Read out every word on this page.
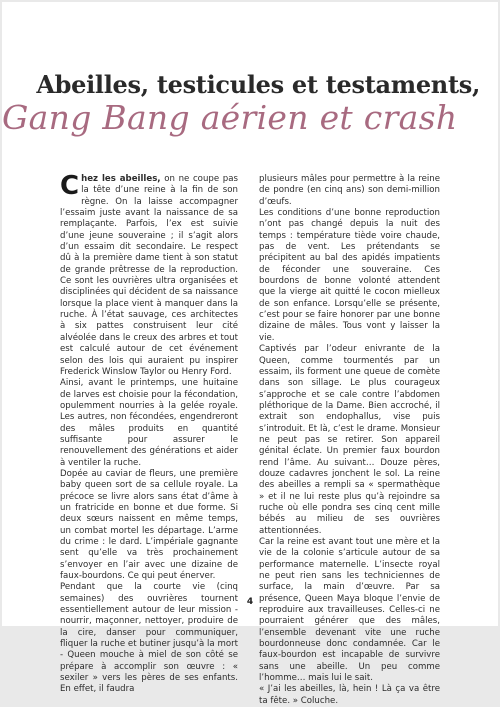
Abeilles, testicules et testaments,
Gang Bang aérien et crash

Chez les abeilles, on ne coupe pas la tête d’une reine à la fin de son règne. On la laisse accompagner l’essaim juste avant la naissance de sa remplaçante. Parfois, l’ex est suivie d’une jeune souveraine ; il s’agit alors d’un essaim dit secondaire. Le respect dû à la première dame tient à son statut de grande prêtresse de la reproduction. Ce sont les ouvrières ultra organisées et disciplinées qui décident de sa naissance lorsque la place vient à manquer dans la ruche. À l’état sauvage, ces architectes à six pattes construisent leur cité alvéolée dans le creux des arbres et tout est calculé autour de cet événement selon des lois qui auraient pu inspirer Frederick Winslow Taylor ou Henry Ford.

Ainsi, avant le printemps, une huitaine de larves est choisie pour la fécondation, opulemment nourries à la gelée royale. Les autres, non fécondées, engendreront des mâles produits en quantité suffisante pour assurer le renouvellement des générations et aider à ventiler la ruche.

Dopée au caviar de fleurs, une première baby queen sort de sa cellule royale. La précoce se livre alors sans état d’âme à un fratricide en bonne et due forme. Si deux sœurs naissent en même temps, un combat mortel les départage. L’arme du crime : le dard. L’impériale gagnante sent qu’elle va très prochainement s’envoyer en l’air avec une dizaine de faux-bourdons. Ce qui peut énerver.

Pendant que la courte vie (cinq semaines) des ouvrières tournent essentiellement autour de leur mission - nourrir, maçonner, nettoyer, produire de la cire, danser pour communiquer, fliquer la ruche et butiner jusqu’à la mort - Queen mouche à miel de son côté se prépare à accomplir son œuvre : « sexiler » vers les pères de ses enfants. En effet, il faudra

plusieurs mâles pour permettre à la reine de pondre (en cinq ans) son demi-million d’œufs.

Les conditions d’une bonne reproduction n’ont pas changé depuis la nuit des temps : température tiède voire chaude, pas de vent. Les prétendants se précipitent au bal des apidés impatients de féconder une souveraine. Ces bourdons de bonne volonté attendent que la vierge ait quitté le cocon mielleux de son enfance. Lorsqu’elle se présente, c’est pour se faire honorer par une bonne dizaine de mâles. Tous vont y laisser la vie.

Captivés par l’odeur enivrante de la Queen, comme tourmentés par un essaim, ils forment une queue de comète dans son sillage. Le plus courageux s’approche et se cale contre l’abdomen pléthorique de la Dame. Bien accroché, il extrait son endophallus, vise puis s’introduit. Et là, c’est le drame. Monsieur ne peut pas se retirer. Son appareil génital éclate. Un premier faux bourdon rend l’âme. Au suivant… Douze pères, douze cadavres jonchent le sol. La reine des abeilles a rempli sa « spermathèque » et il ne lui reste plus qu’à rejoindre sa ruche où elle pondra ses cinq cent mille bébés au milieu de ses ouvrières attentionnées.

Car la reine est avant tout une mère et la vie de la colonie s’articule autour de sa performance maternelle. L’insecte royal ne peut rien sans les techniciennes de surface, la main d’œuvre. Par sa présence, Queen Maya bloque l’envie de reproduire aux travailleuses. Celles-ci ne pourraient générer que des mâles, l’ensemble devenant vite une ruche bourdonneuse donc condamnée. Car le faux-bourdon est incapable de survivre sans une abeille. Un peu comme l’homme… mais lui le sait.

« J’ai les abeilles, là, hein ! Là ça va être ta fête. » Coluche.

4
